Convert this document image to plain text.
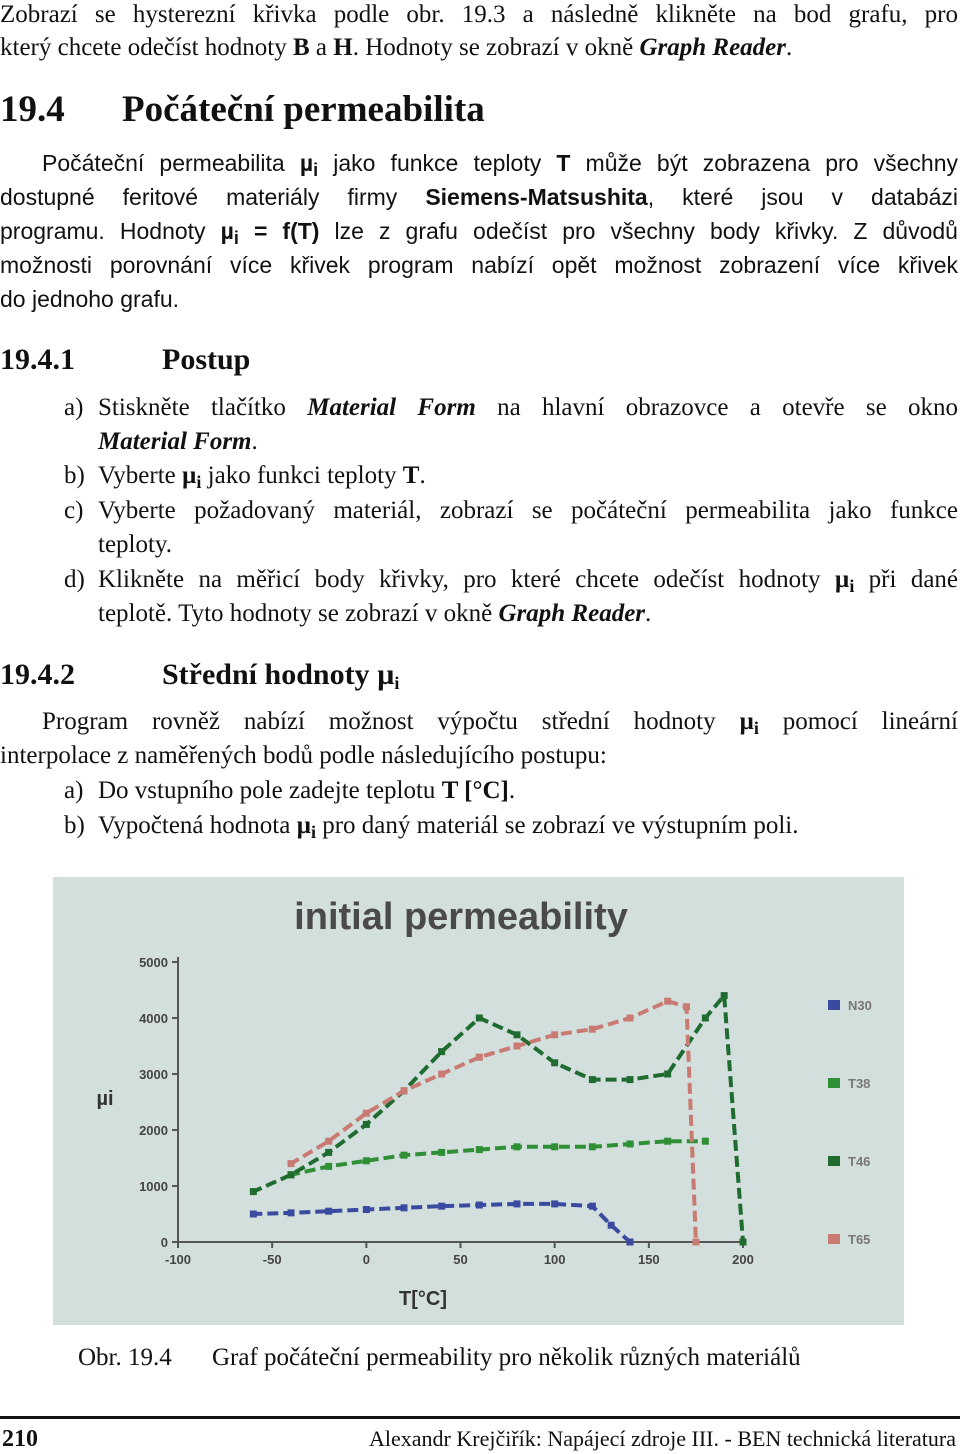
Zobrazí se hysterezní křivka podle obr. 19.3 a následně klikněte na bod grafu, pro
který chcete odečíst hodnoty B a H. Hodnoty se zobrazí v okně Graph Reader.
19.4 Počáteční permeabilita
Počáteční permeabilita µ$_i$ jako funkce teploty T může být zobrazena pro všechny
dostupné feritové materiály firmy Siemens-Matsushita, které jsou v databázi
programu. Hodnoty µ$_i$ = f(T) lze z grafu odečíst pro všechny body křivky. Z důvodů
možnosti porovnání více křivek program nabízí opět možnost zobrazení více křivek
do jednoho grafu.
19.4.1	Postup
a) Stiskněte tlačítko Material Form na hlavní obrazovce a otevře se okno
Material Form.
b) Vyberte µ$_i$ jako funkci teploty T.
c) Vyberte požadovaný materiál, zobrazí se počáteční permeabilita jako funkce
teploty.
d) Klikněte na měřicí body křivky, pro které chcete odečíst hodnoty µ$_i$ při dané
teplotě. Tyto hodnoty se zobrazí v okně Graph Reader.
19.4.2	Střední hodnoty µ$_i$
Program rovněž nabízí možnost výpočtu střední hodnoty µ$_i$ pomocí lineární
interpolace z naměřených bodů podle následujícího postupu:
a) Do vstupního pole zadejte teplotu T [°C].
b) Vypočtená hodnota µ$_i$ pro daný materiál se zobrazí ve výstupním poli.
initial permeability
µi
T[°C]
0
1000
2000
3000
4000
5000
-100	-50	0	50	100	150	200
N30
T38
T46
T65
Obr. 19.4 Graf počáteční permeability pro několik různých materiálů
210	Alexandr Krejčiřík: Napájecí zdroje III. - BEN technická literatura
